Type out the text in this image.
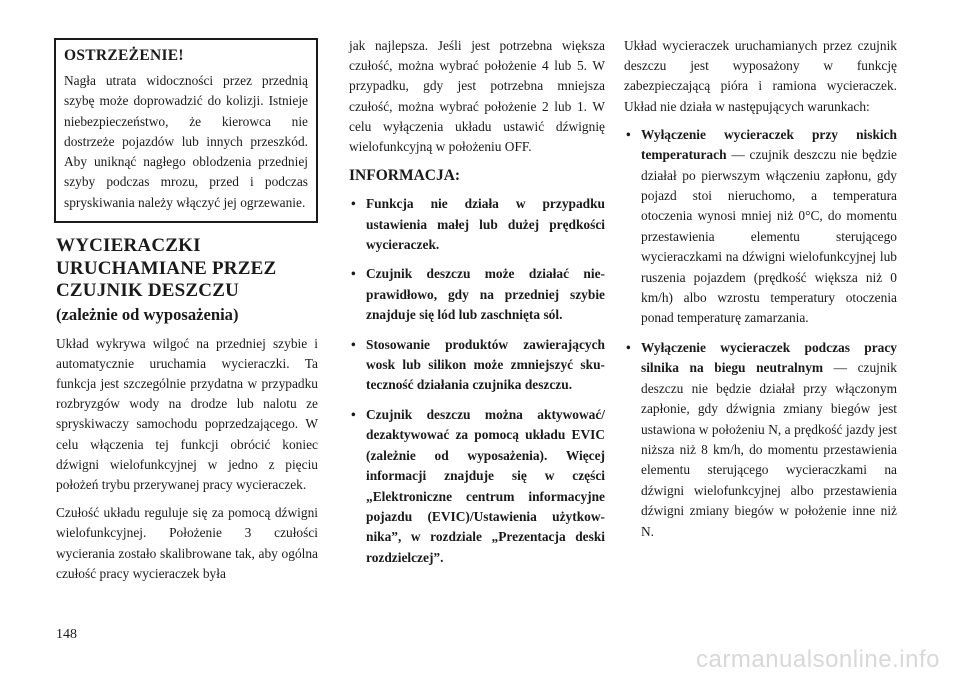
OSTRZEŻENIE!

Nagła utrata widoczności przez przednią szybę może doprowadzić do kolizji. Istnieje niebezpieczeństwo, że kierowca nie dostrzeże pojazdów lub innych przeszkód. Aby uniknąć nagłego oblodzenia przedniej szyby podczas mrozu, przed i podczas spryskiwania należy włączyć jej ogrzewanie.

WYCIERACZKI
URUCHAMIANE PRZEZ
CZUJNIK DESZCZU
(zależnie od wyposażenia)

Układ wykrywa wilgoć na przedniej szybie i automatycznie uruchamia wycieraczki. Ta funkcja jest szczególnie przydatna w przypadku rozbryzgów wody na drodze lub nalotu ze spryskiwaczy samochodu poprzedzającego. W celu włączenia tej funkcji obrócić koniec dźwigni wielofunkcyjnej w jedno z pięciu położeń trybu przerywanej pracy wycieraczek.

Czułość układu reguluje się za pomocą dźwigni wielofunkcyjnej. Położenie 3 czułości wycierania zostało skalibrowane tak, aby ogólna czułość pracy wycieraczek była

jak najlepsza. Jeśli jest potrzebna większa czułość, można wybrać położenie 4 lub 5. W przypadku, gdy jest potrzebna mniejsza czułość, można wybrać położenie 2 lub 1. W celu wyłączenia układu ustawić dźwignię wielofunkcyjną w położeniu OFF.

INFORMACJA:
• Funkcja nie działa w przypadku ustawienia małej lub dużej prędkości wycieraczek.
• Czujnik deszczu może działać nieprawidłowo, gdy na przedniej szybie znajduje się lód lub zaschnięta sól.
• Stosowanie produktów zawierających wosk lub silikon może zmniejszyć skuteczność działania czujnika deszczu.
• Czujnik deszczu można aktywować/ dezaktywować za pomocą układu EVIC (zależnie od wyposażenia). Więcej informacji znajduje się w części „Elektroniczne centrum informacyjne pojazdu (EVIC)/Ustawienia użytkownika”, w rozdziale „Prezentacja deski rozdzielczej”.

Układ wycieraczek uruchamianych przez czujnik deszczu jest wyposażony w funkcję zabezpieczającą pióra i ramiona wycieraczek. Układ nie działa w następujących warunkach:

• Wyłączenie wycieraczek przy niskich temperaturach — czujnik deszczu nie będzie działał po pierwszym włączeniu zapłonu, gdy pojazd stoi nieruchomo, a temperatura otoczenia wynosi mniej niż 0°C, do momentu przestawienia elementu sterującego wycieraczkami na dźwigni wielofunkcyjnej lub ruszenia pojazdem (prędkość większa niż 0 km/h) albo wzrostu temperatury otoczenia ponad temperaturę zamarzania.
• Wyłączenie wycieraczek podczas pracy silnika na biegu neutralnym — czujnik deszczu nie będzie działał przy włączonym zapłonie, gdy dźwignia zmiany biegów jest ustawiona w położeniu N, a prędkość jazdy jest niższa niż 8 km/h, do momentu przestawienia elementu sterującego wycieraczkami na dźwigni wielofunkcyjnej albo przestawienia dźwigni zmiany biegów w położenie inne niż N.
148
carmanualsonline.info
